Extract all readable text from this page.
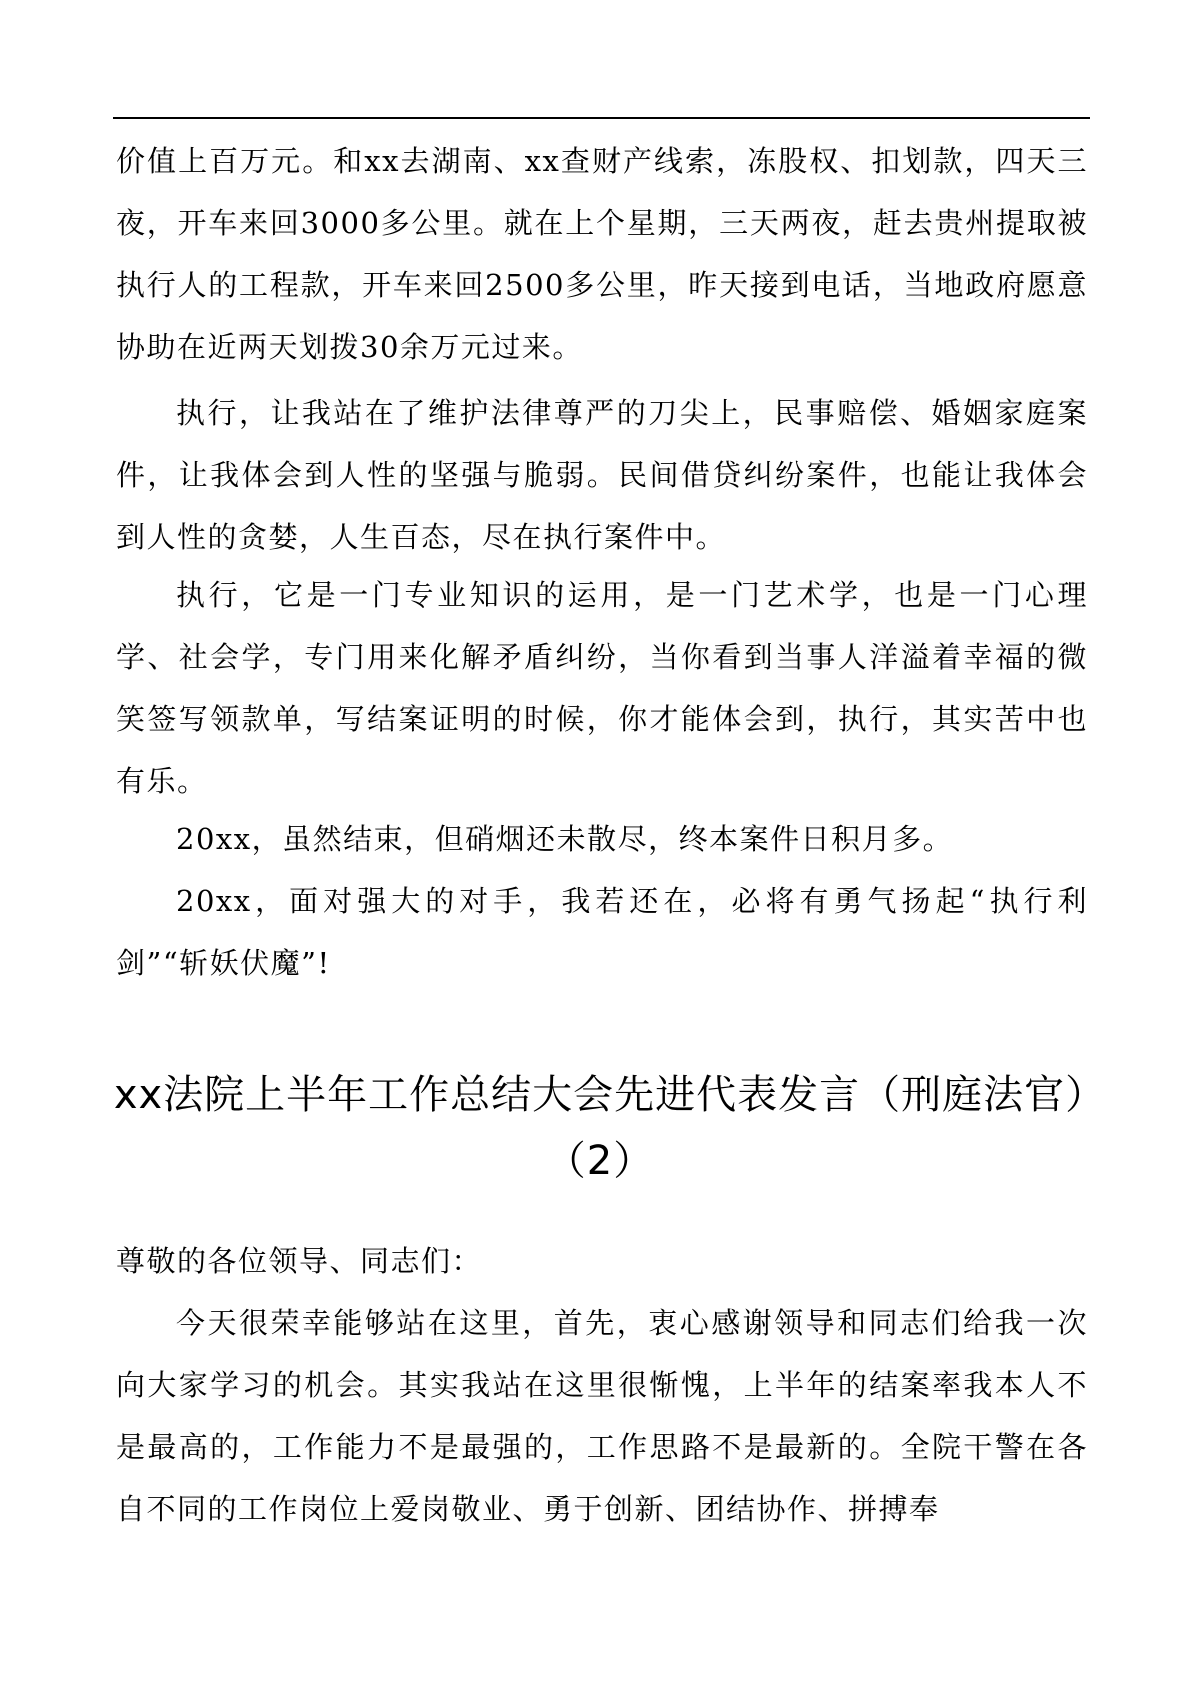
价值上百万元。和xx去湖南、xx查财产线索，冻股权、扣划款，四天三夜，开车来回3000多公里。就在上个星期，三天两夜，赶去贵州提取被执行人的工程款，开车来回2500多公里，昨天接到电话，当地政府愿意协助在近两天划拨30余万元过来。

执行，让我站在了维护法律尊严的刀尖上，民事赔偿、婚姻家庭案件，让我体会到人性的坚强与脆弱。民间借贷纠纷案件，也能让我体会到人性的贪婪，人生百态，尽在执行案件中。

执行，它是一门专业知识的运用，是一门艺术学，也是一门心理学、社会学，专门用来化解矛盾纠纷，当你看到当事人洋溢着幸福的微笑签写领款单，写结案证明的时候，你才能体会到，执行，其实苦中也有乐。

20xx，虽然结束，但硝烟还未散尽，终本案件日积月多。

20xx，面对强大的对手，我若还在，必将有勇气扬起“执行利剑”“斩妖伏魔”!

xx法院上半年工作总结大会先进代表发言（刑庭法官）（2）

尊敬的各位领导、同志们：

今天很荣幸能够站在这里，首先，衷心感谢领导和同志们给我一次向大家学习的机会。其实我站在这里很惭愧，上半年的结案率我本人不是最高的，工作能力不是最强的，工作思路不是最新的。全院干警在各自不同的工作岗位上爱岗敬业、勇于创新、团结协作、拼搏奉
